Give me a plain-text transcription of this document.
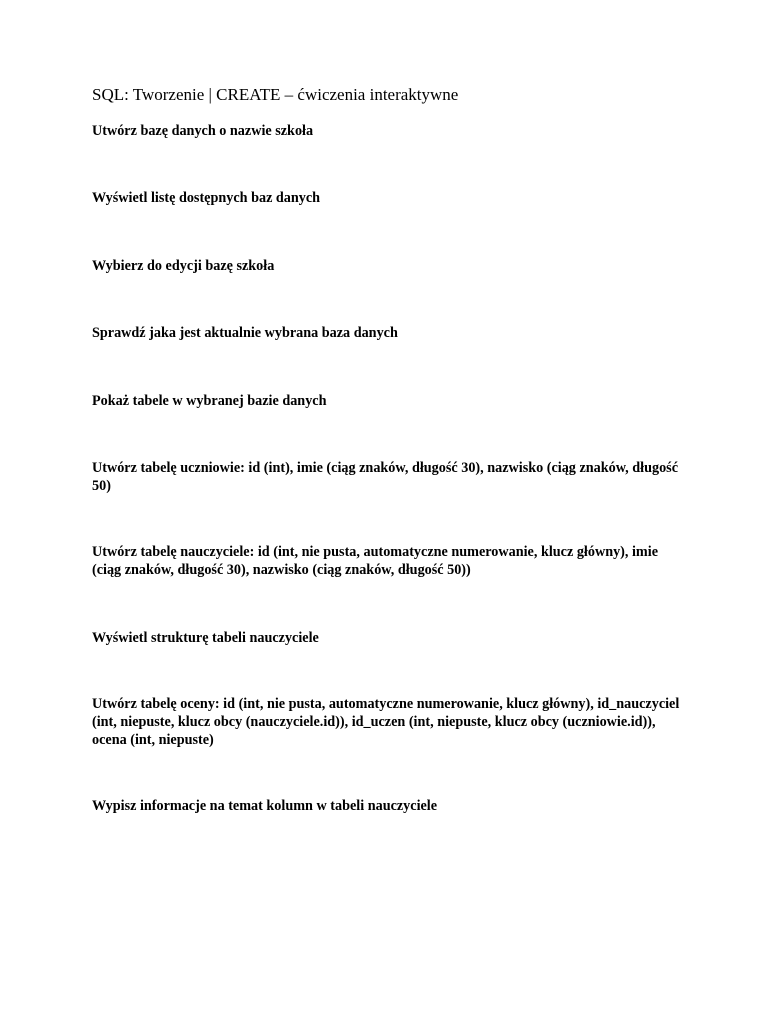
SQL: Tworzenie | CREATE – ćwiczenia interaktywne

Utwórz bazę danych o nazwie szkoła

Wyświetl listę dostępnych baz danych

Wybierz do edycji bazę szkoła

Sprawdź jaka jest aktualnie wybrana baza danych

Pokaż tabele w wybranej bazie danych

Utwórz tabelę uczniowie: id (int), imie (ciąg znaków, długość 30), nazwisko (ciąg znaków, długość 50)

Utwórz tabelę nauczyciele: id (int, nie pusta, automatyczne numerowanie, klucz główny), imie (ciąg znaków, długość 30), nazwisko (ciąg znaków, długość 50))

Wyświetl strukturę tabeli nauczyciele

Utwórz tabelę oceny: id (int, nie pusta, automatyczne numerowanie, klucz główny), id_nauczyciel (int, niepuste, klucz obcy (nauczyciele.id)), id_uczen (int, niepuste, klucz obcy (uczniowie.id)), ocena (int, niepuste)

Wypisz informacje na temat kolumn w tabeli nauczyciele
